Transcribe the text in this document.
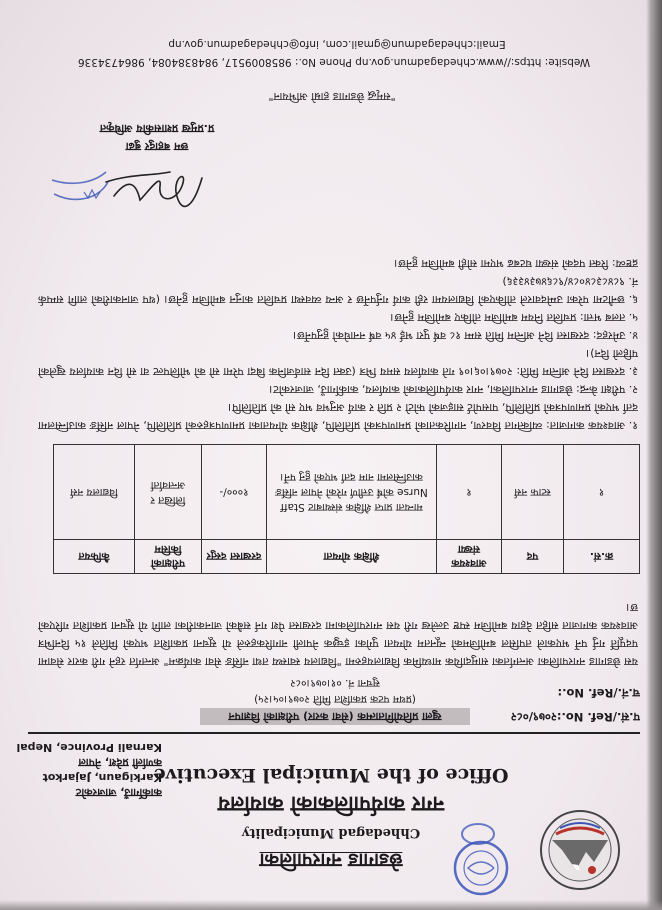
छेडागाड नगरपालिका
Chhedagad Municipality
नगर कार्यपालिकाको कार्यालय
Office of the Municipal Executive
कार्कीगाउँ, जाजरकोट
Karkigaun, Jajarkot
कर्णाली प्रदेश, नेपाल
Karnali Province, Nepal
प.सं./Ref. No.:२०७९/०८२
च.नं./Ref. No.:
खुला प्रतियोगितात्मक (सेवा करार) परीक्षाको विज्ञापन
(प्रथम पटक प्रकाशित मिति २०७९।०५।२५)
सुचना नं. ०१।०७९।०८२
यस छेडागाड नगरपालिका अन्तर्गतका सामुदायिक माध्यमिक विद्यालयहरुमा "विद्यालय स्वास्थ्य तथा नर्सिङ सेवा कार्यक्रम" अन्तर्गत रहने गरी करार सेवामा पदपूर्ति गर्नु पर्ने भएकाले तपसिल बमोजिमको न्यूनतम योग्यता पुगेका इच्छुक नेपाली नागरिकहरुले यो सूचना प्रकाशित भएको मितिले १५ दिनभित्र आवश्यक कागजात सहित देहाय बमोजिम स्पष्ट उल्लेख गरी यस नगरपालिकामा दरखास्त पेश गर्न सबैको जानकारीका लागि यो सूचना प्रकाशित गरिएको छ।
क्र.सं.	पद	आवश्यक संख्या	शैक्षिक योग्यता	दरखास्त दस्तुर	परीक्षाको किसिम	कैफियत
१	स्टाफ नर्स	१	मान्यता प्राप्त शैक्षिक संस्थाबाट Staff Nurse कोर्ष उत्तीर्ण गरेको नेपाल नर्सिङ काउन्सिलमा नाम दर्ता भएको हुनु पर्ने।	१०००/-	लिखित र अन्तर्वार्ता	विद्यालय नर्स
१. आवश्यक कागजात: व्यक्तिगत विवरण, नागरिकताको प्रमाणपत्रको प्रतिलिपि, शैक्षिक योग्यताका प्रमाणपत्रहरुको प्रतिलिपि, नेपाल नर्सिङ काउन्सिलमा दर्ता भएको प्रमाणपत्रको प्रतिलिपि, पासपोर्ट साइजको फोटो २ प्रति र कार्य अनुभव भए सो को प्रतिलिपि।
२. परीक्षा केन्द्र: छेडागाड नगरपालिका, नगर कार्यपालिकाको कार्यालय, कार्कीगाउँ, जाजरकोट।
३. दरखास्त दिने अन्तिम मिति: २०७९।०६।०९ गते कार्यालय समय भित्र (उक्त दिन सार्वजनिक बिदा परेमा सो को भोलिपल्ट वा सो दिन कार्यालय खुलेको पहिलो दिन)।
४. उमेरहद: दरखास्त दिने अन्तिम मिति सम्म १८ वर्ष पुरा भई ४५ वर्ष ननाघेको हुनुपर्नेछ।
५. तलब भत्ता: प्रचलित नियम बमोजिम तोकिए बमोजिम हुनेछ।
६. छनौटमा परेका उम्मेदवारले तोकिएको विद्यालयमा रही कार्य गर्नुपर्नेछ र अन्य व्यवस्था प्रचलित कानुन बमोजिम हुनेछ। (थप जानकारीको लागि सम्पर्क नं. ९८४८३८४०८४/९८६४७३४३३६)
द्रष्टव्य: रिक्त पदको संख्या घटबढ भएमा सोही बमोजिम हुनेछ।
छम बहादुर बुढा
प्र.प्रमुख प्रशासकीय अधिकृत
"समृद्ध छेडागाड हाम्रो अभियान"
Website: https://www.chhedagadmun.gov.np Phone No.: 9858009517, 9848384084, 9864734336
Email:chhedagadmun@gmail.com, info@chhedagadmun.gov.np
